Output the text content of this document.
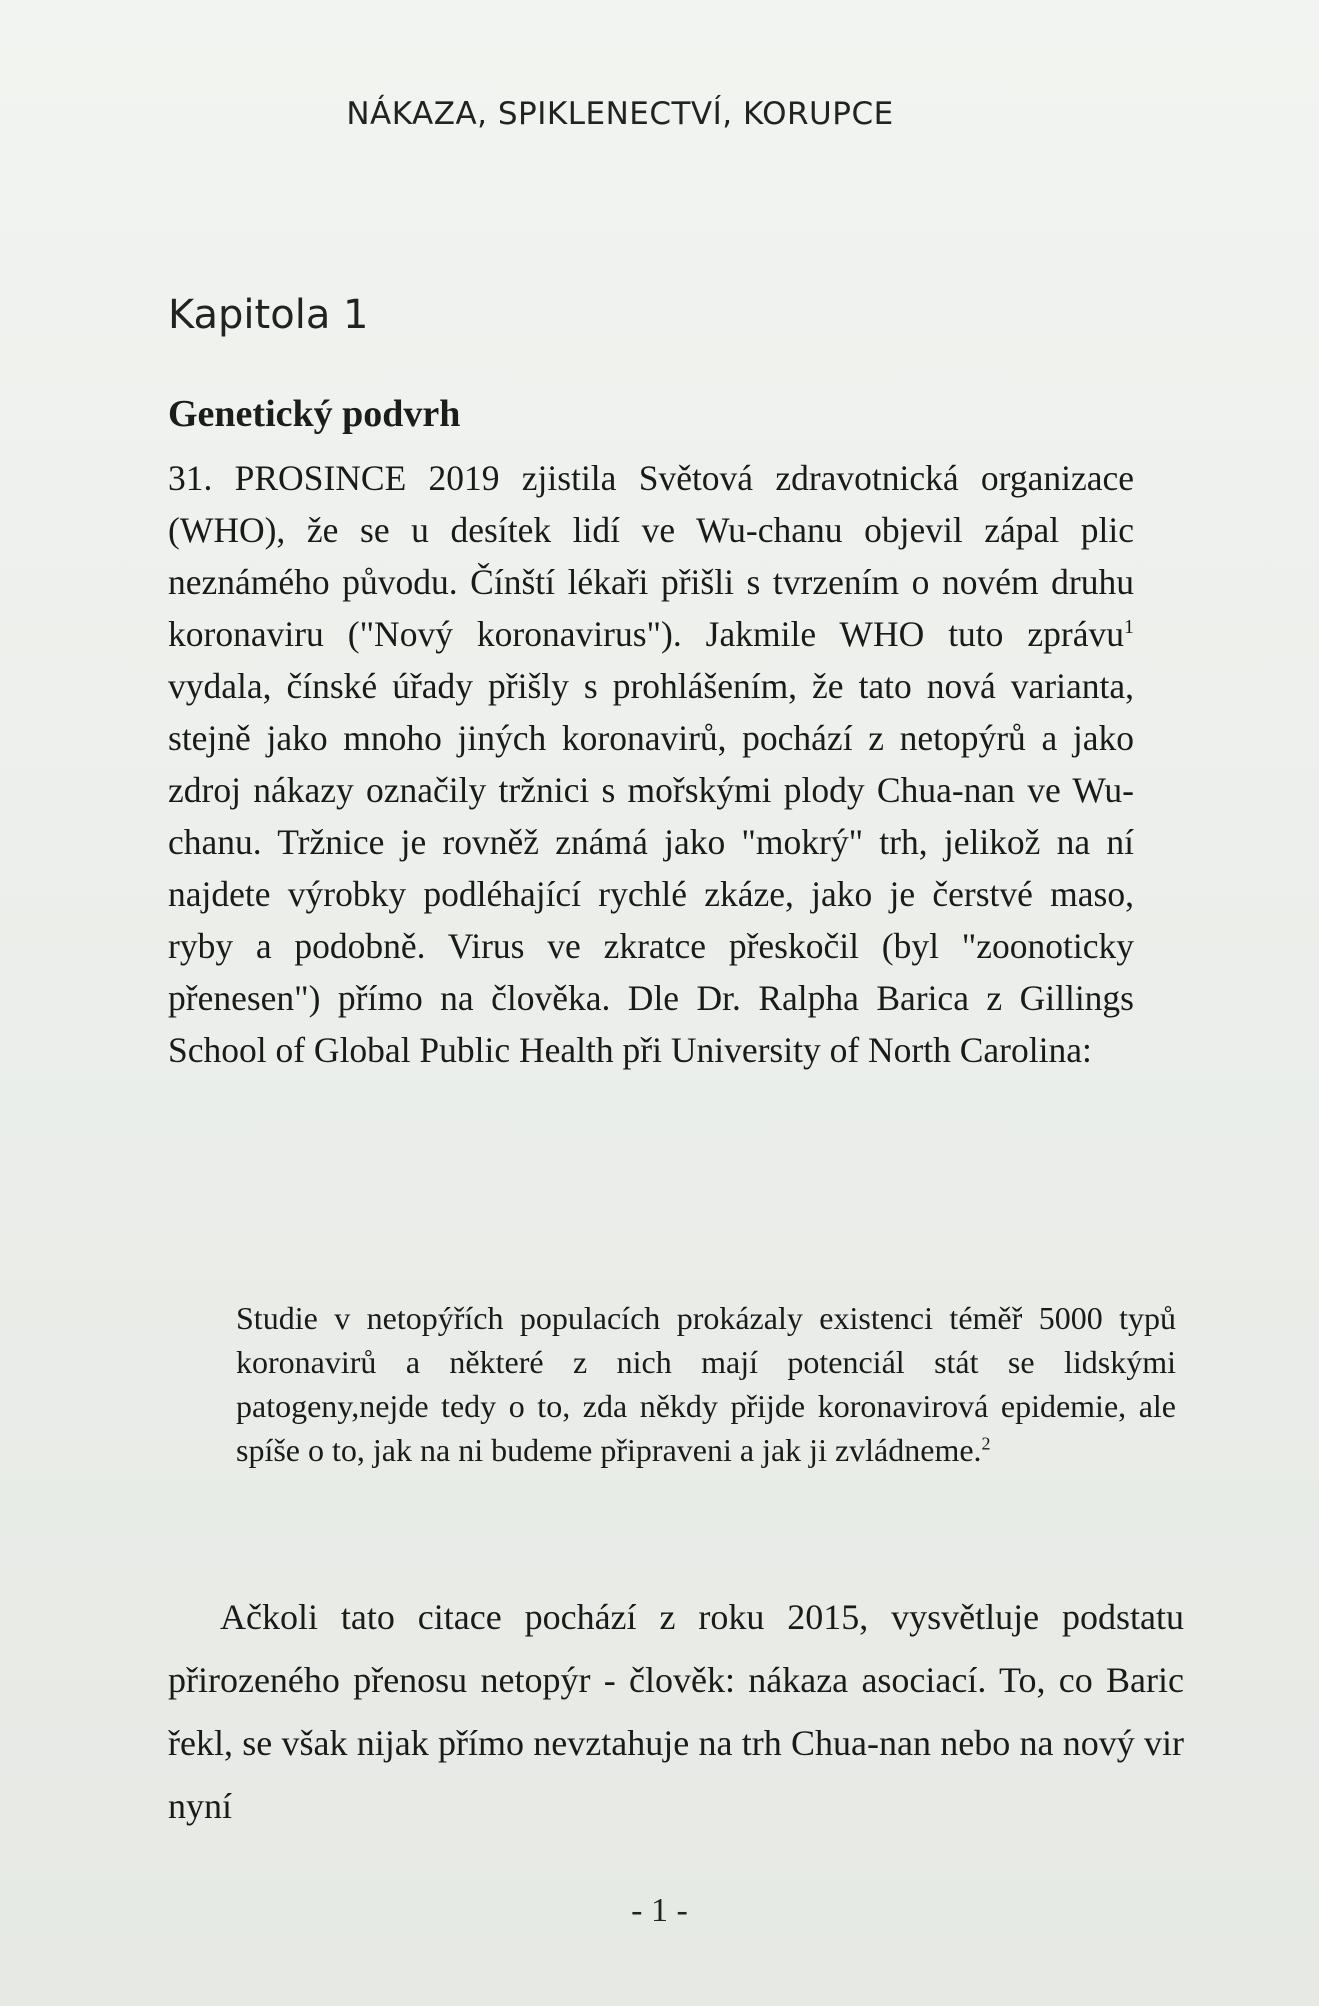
NÁKAZA, SPIKLENECTVÍ, KORUPCE
Kapitola 1
Genetický podvrh

31. PROSINCE 2019 zjistila Světová zdravotnická organizace (WHO), že se u desítek lidí ve Wu-chanu objevil zápal plic neznámého původu. Čínští lékaři přišli s tvrzením o novém druhu koronaviru ("Nový koronavirus"). Jakmile WHO tuto zprávu$^1$ vydala, čínské úřady přišly s prohlášením, že tato nová varianta, stejně jako mnoho jiných koronavirů, pochází z netopýrů a jako zdroj nákazy označily tržnici s mořskými plody Chua-nan ve Wu-chanu. Tržnice je rovněž známá jako "mokrý" trh, jelikož na ní najdete výrobky podléhající rychlé zkáze, jako je čerstvé maso, ryby a podobně. Virus ve zkratce přeskočil (byl "zoonoticky přenesen") přímo na člověka. Dle Dr. Ralpha Barica z Gillings School of Global Public Health při University of North Carolina:

Studie v netopýřích populacích prokázaly existenci téměř 5000 typů koronavirů a některé z nich mají potenciál stát se lidskými patogeny,nejde tedy o to, zda někdy přijde koronavirová epidemie, ale spíše o to, jak na ni budeme připraveni a jak ji zvládneme.$^2$

Ačkoli tato citace pochází z roku 2015, vysvětluje podstatu přirozeného přenosu netopýr - člověk: nákaza asociací. To, co Baric řekl, se však nijak přímo nevztahuje na trh Chua-nan nebo na nový vir nyní

- 1 -
